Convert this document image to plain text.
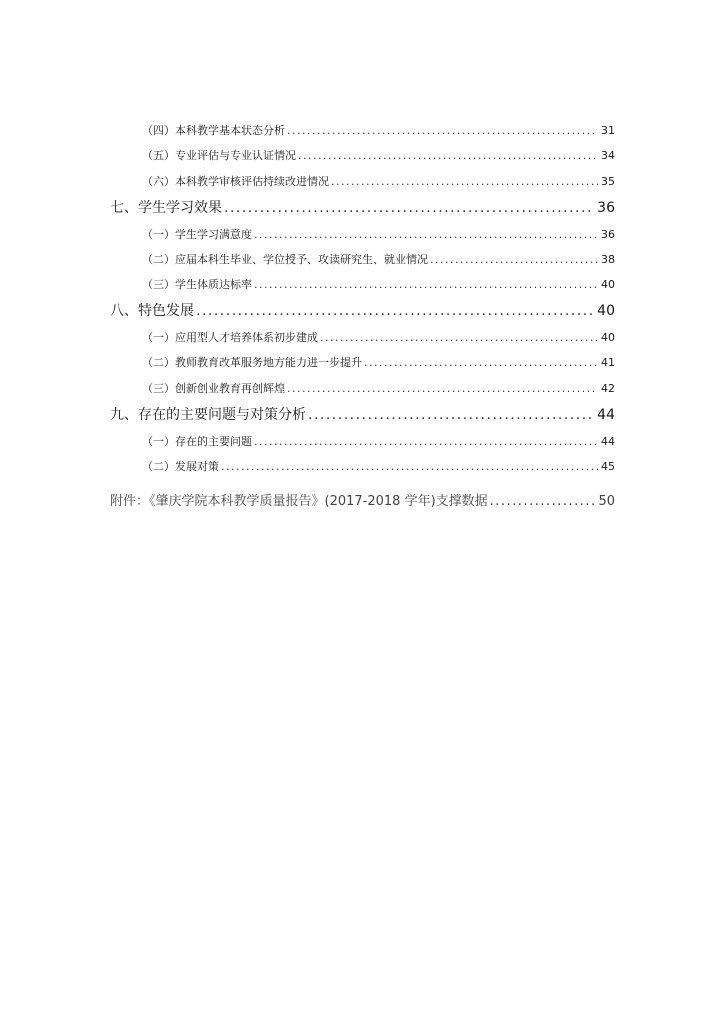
（四）本科教学基本状态分析 .....	31
（五）专业评估与专业认证情况 .....	34
（六）本科教学审核评估持续改进情况 .....	35
七、学生学习效果 .....	36
（一）学生学习满意度 .....	36
（二）应届本科生毕业、学位授予、攻读研究生、就业情况 .....	38
（三）学生体质达标率 .....	40
八、特色发展 .....	40
（一）应用型人才培养体系初步建成 .....	40
（二）教师教育改革服务地方能力进一步提升 .....	41
（三）创新创业教育再创辉煌 .....	42
九、存在的主要问题与对策分析 .....	44
（一）存在的主要问题 .....	44
（二）发展对策 .....	45
附件：《肇庆学院本科教学质量报告》(2017-2018 学年)支撑数据 .....	50
